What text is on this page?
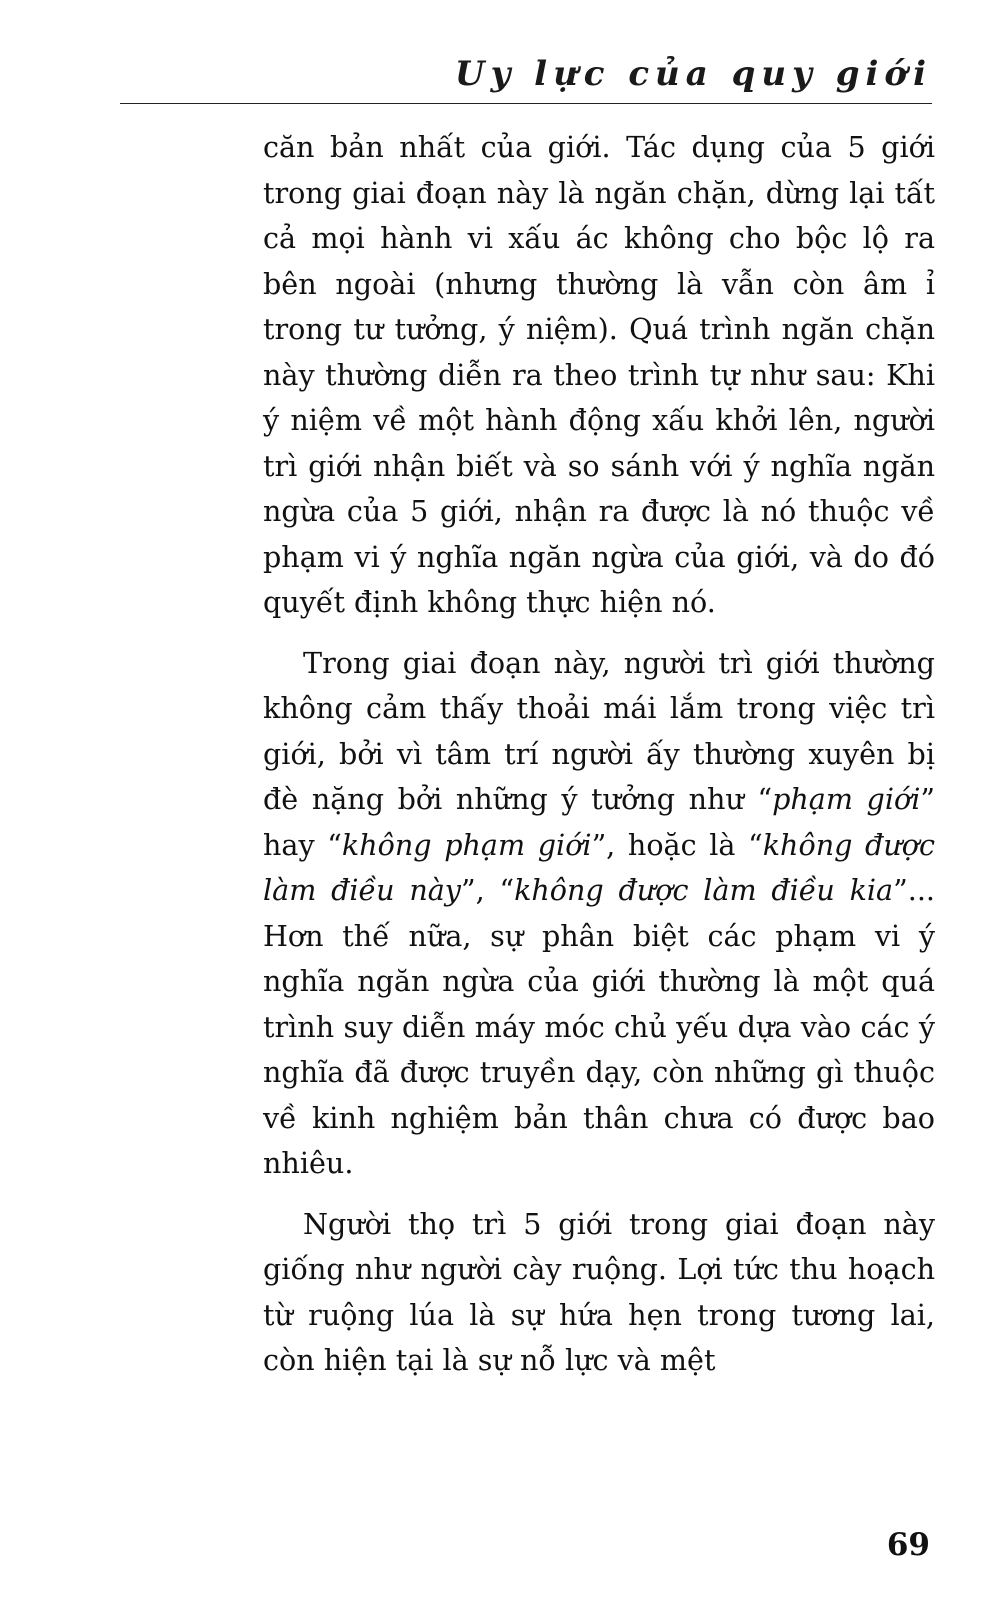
Uy lực của quy giới

căn bản nhất của giới. Tác dụng của 5 giới trong giai đoạn này là ngăn chặn, dừng lại tất cả mọi hành vi xấu ác không cho bộc lộ ra bên ngoài (nhưng thường là vẫn còn âm ỉ trong tư tưởng, ý niệm). Quá trình ngăn chặn này thường diễn ra theo trình tự như sau: Khi ý niệm về một hành động xấu khởi lên, người trì giới nhận biết và so sánh với ý nghĩa ngăn ngừa của 5 giới, nhận ra được là nó thuộc về phạm vi ý nghĩa ngăn ngừa của giới, và do đó quyết định không thực hiện nó.

Trong giai đoạn này, người trì giới thường không cảm thấy thoải mái lắm trong việc trì giới, bởi vì tâm trí người ấy thường xuyên bị đè nặng bởi những ý tưởng như “phạm giới” hay “không phạm giới”, hoặc là “không được làm điều này”, “không được làm điều kia”... Hơn thế nữa, sự phân biệt các phạm vi ý nghĩa ngăn ngừa của giới thường là một quá trình suy diễn máy móc chủ yếu dựa vào các ý nghĩa đã được truyền dạy, còn những gì thuộc về kinh nghiệm bản thân chưa có được bao nhiêu.

Người thọ trì 5 giới trong giai đoạn này giống như người cày ruộng. Lợi tức thu hoạch từ ruộng lúa là sự hứa hẹn trong tương lai, còn hiện tại là sự nỗ lực và mệt

69
